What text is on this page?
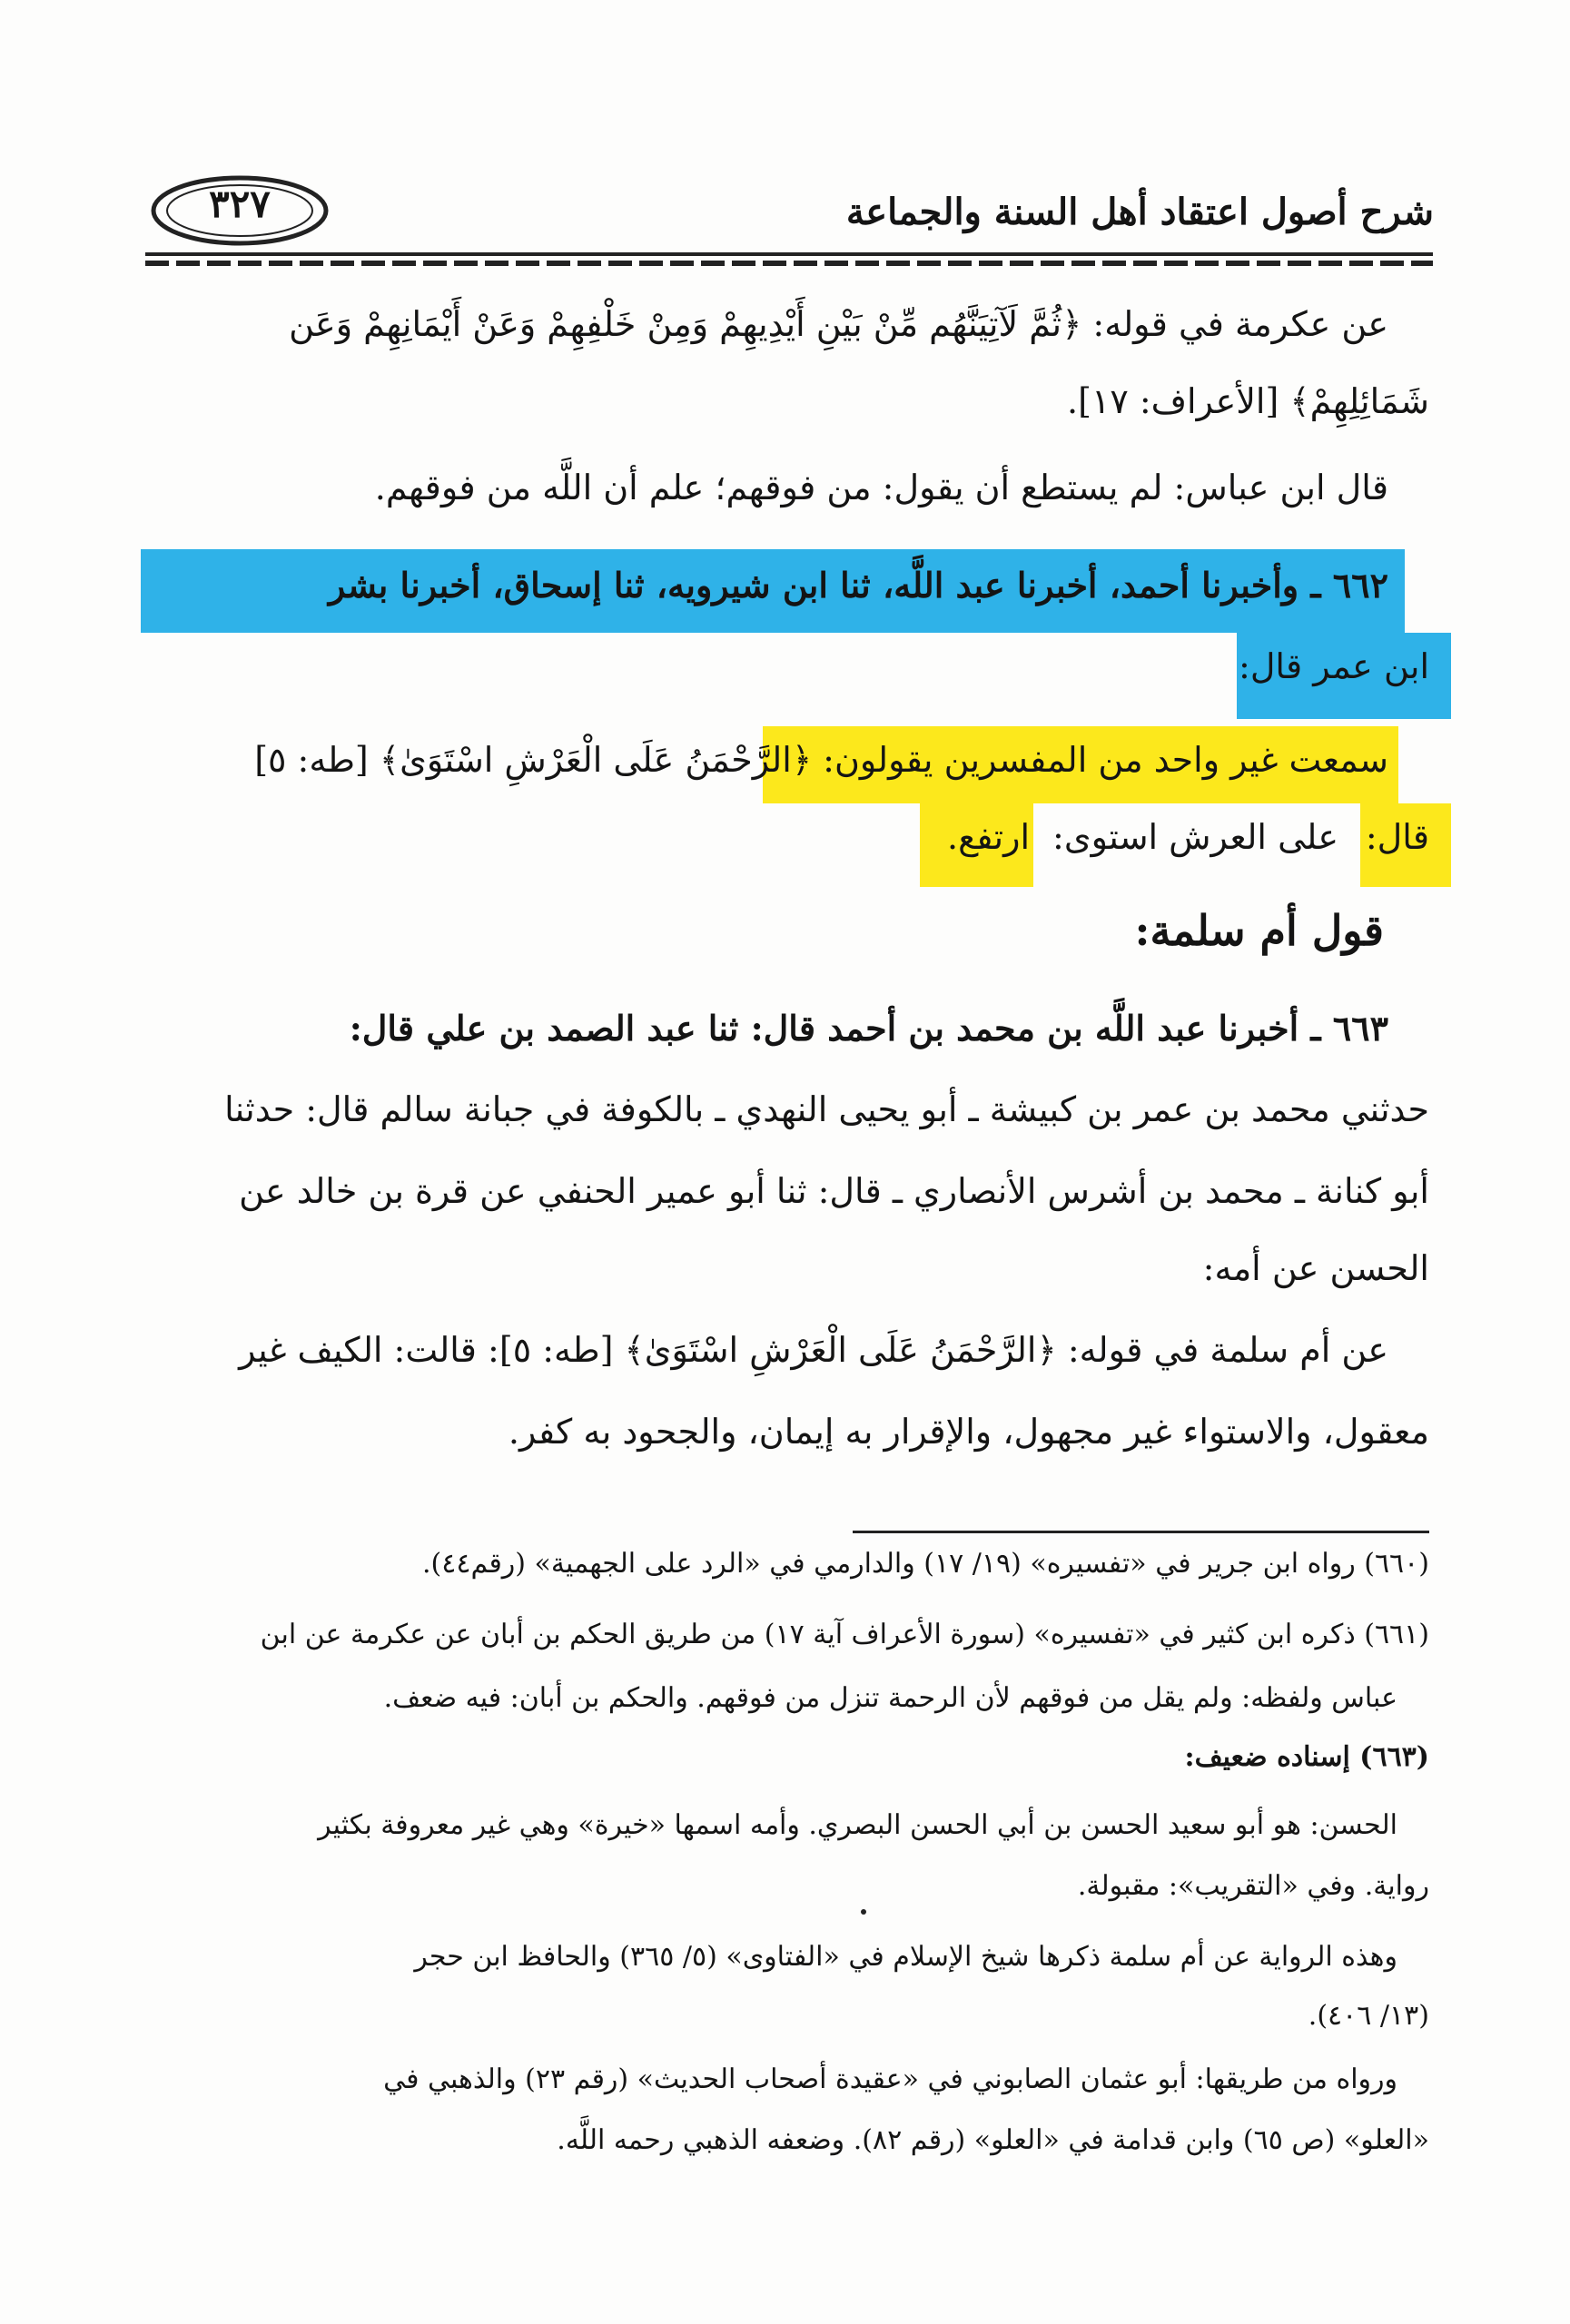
شرح أصول اعتقاد أهل السنة والجماعة
٣٢٧
عن عكرمة في قوله: ﴿ثُمَّ لَآتِيَنَّهُم مِّنْ بَيْنِ أَيْدِيهِمْ وَمِنْ خَلْفِهِمْ وَعَنْ أَيْمَانِهِمْ وَعَن
شَمَائِلِهِمْ﴾ [الأعراف: ١٧].
قال ابن عباس: لم يستطع أن يقول: من فوقهم؛ علم أن اللَّه من فوقهم.
٦٦٢ ـ وأخبرنا أحمد، أخبرنا عبد اللَّه، ثنا ابن شيرويه، ثنا إسحاق، أخبرنا بشر
ابن عمر قال:
سمعت غير واحد من المفسرين يقولون: ﴿الرَّحْمَنُ عَلَى الْعَرْشِ اسْتَوَىٰ﴾ [طه: ٥]
قال:
على العرش استوى:
ارتفع.
قول أم سلمة:
٦٦٣ ـ أخبرنا عبد اللَّه بن محمد بن أحمد قال: ثنا عبد الصمد بن علي قال:
حدثني محمد بن عمر بن كبيشة ـ أبو يحيى النهدي ـ بالكوفة في جبانة سالم قال: حدثنا
أبو كنانة ـ محمد بن أشرس الأنصاري ـ قال: ثنا أبو عمير الحنفي عن قرة بن خالد عن
الحسن عن أمه:
عن أم سلمة في قوله: ﴿الرَّحْمَنُ عَلَى الْعَرْشِ اسْتَوَىٰ﴾ [طه: ٥]: قالت: الكيف غير
معقول، والاستواء غير مجهول، والإقرار به إيمان، والجحود به كفر.
(٦٦٠) رواه ابن جرير في «تفسيره» (١٩/ ١٧) والدارمي في «الرد على الجهمية» (رقم٤٤).
(٦٦١) ذكره ابن كثير في «تفسيره» (سورة الأعراف آية ١٧) من طريق الحكم بن أبان عن عكرمة عن ابن
عباس ولفظه: ولم يقل من فوقهم لأن الرحمة تنزل من فوقهم. والحكم بن أبان: فيه ضعف.
(٦٦٣) إسناده ضعيف:
الحسن: هو أبو سعيد الحسن بن أبي الحسن البصري. وأمه اسمها «خيرة» وهي غير معروفة بكثير
رواية. وفي «التقريب»: مقبولة.
وهذه الرواية عن أم سلمة ذكرها شيخ الإسلام في «الفتاوى» (٥/ ٣٦٥) والحافظ ابن حجر
(١٣/ ٤٠٦).
ورواه من طريقها: أبو عثمان الصابوني في «عقيدة أصحاب الحديث» (رقم ٢٣) والذهبي في
«العلو» (ص ٦٥) وابن قدامة في «العلو» (رقم ٨٢). وضعفه الذهبي رحمه اللَّه.
